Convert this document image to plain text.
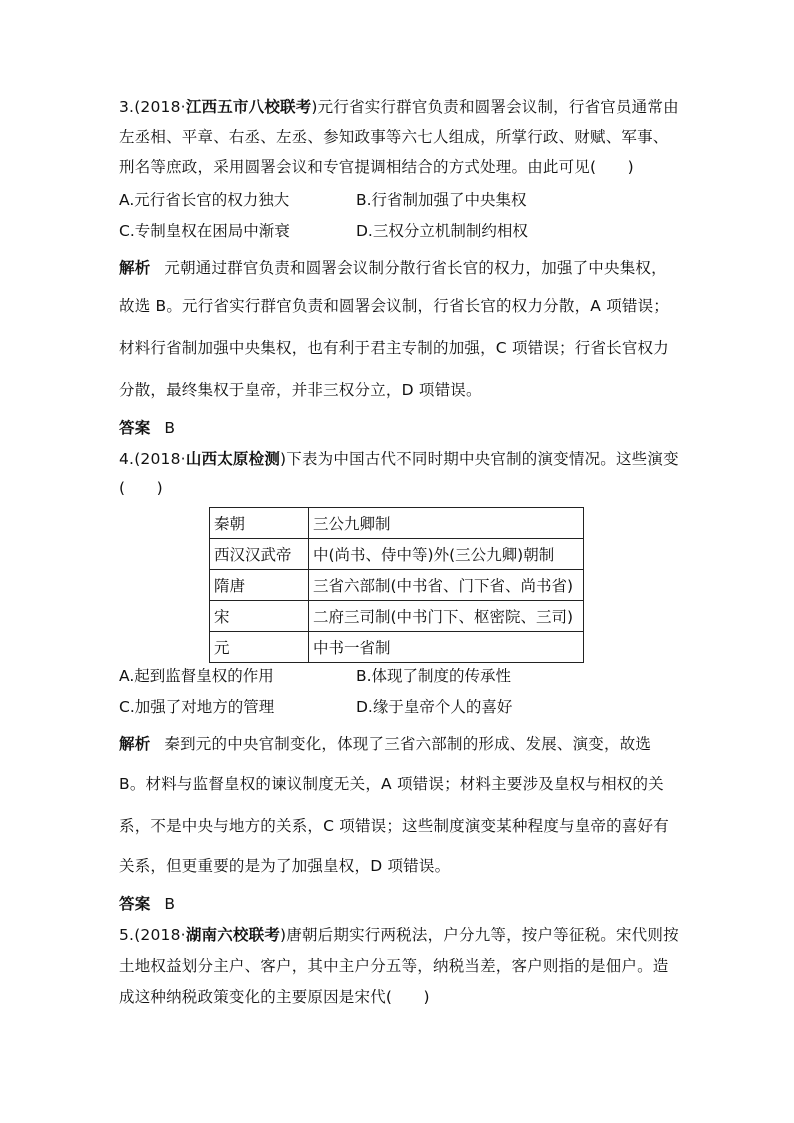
3.(2018·江西五市八校联考)元行省实行群官负责和圆署会议制，行省官员通常由
左丞相、平章、右丞、左丞、参知政事等六七人组成，所掌行政、财赋、军事、
刑名等庶政，采用圆署会议和专官提调相结合的方式处理。由此可见(　　)
A.元行省长官的权力独大	B.行省制加强了中央集权
C.专制皇权在困局中渐衰	D.三权分立机制制约相权
解析 元朝通过群官负责和圆署会议制分散行省长官的权力，加强了中央集权，
故选 B。元行省实行群官负责和圆署会议制，行省长官的权力分散，A 项错误；
材料行省制加强中央集权，也有利于君主专制的加强，C 项错误；行省长官权力
分散，最终集权于皇帝，并非三权分立，D 项错误。
答案 B
4.(2018·山西太原检测)下表为中国古代不同时期中央官制的演变情况。这些演变
(　　)
秦朝	三公九卿制
西汉汉武帝	中(尚书、侍中等)外(三公九卿)朝制
隋唐	三省六部制(中书省、门下省、尚书省)
宋	二府三司制(中书门下、枢密院、三司)
元	中书一省制
A.起到监督皇权的作用	B.体现了制度的传承性
C.加强了对地方的管理	D.缘于皇帝个人的喜好
解析 秦到元的中央官制变化，体现了三省六部制的形成、发展、演变，故选
B。材料与监督皇权的谏议制度无关，A 项错误；材料主要涉及皇权与相权的关
系，不是中央与地方的关系，C 项错误；这些制度演变某种程度与皇帝的喜好有
关系，但更重要的是为了加强皇权，D 项错误。
答案 B
5.(2018·湖南六校联考)唐朝后期实行两税法，户分九等，按户等征税。宋代则按
土地权益划分主户、客户，其中主户分五等，纳税当差，客户则指的是佃户。造
成这种纳税政策变化的主要原因是宋代(　　)
